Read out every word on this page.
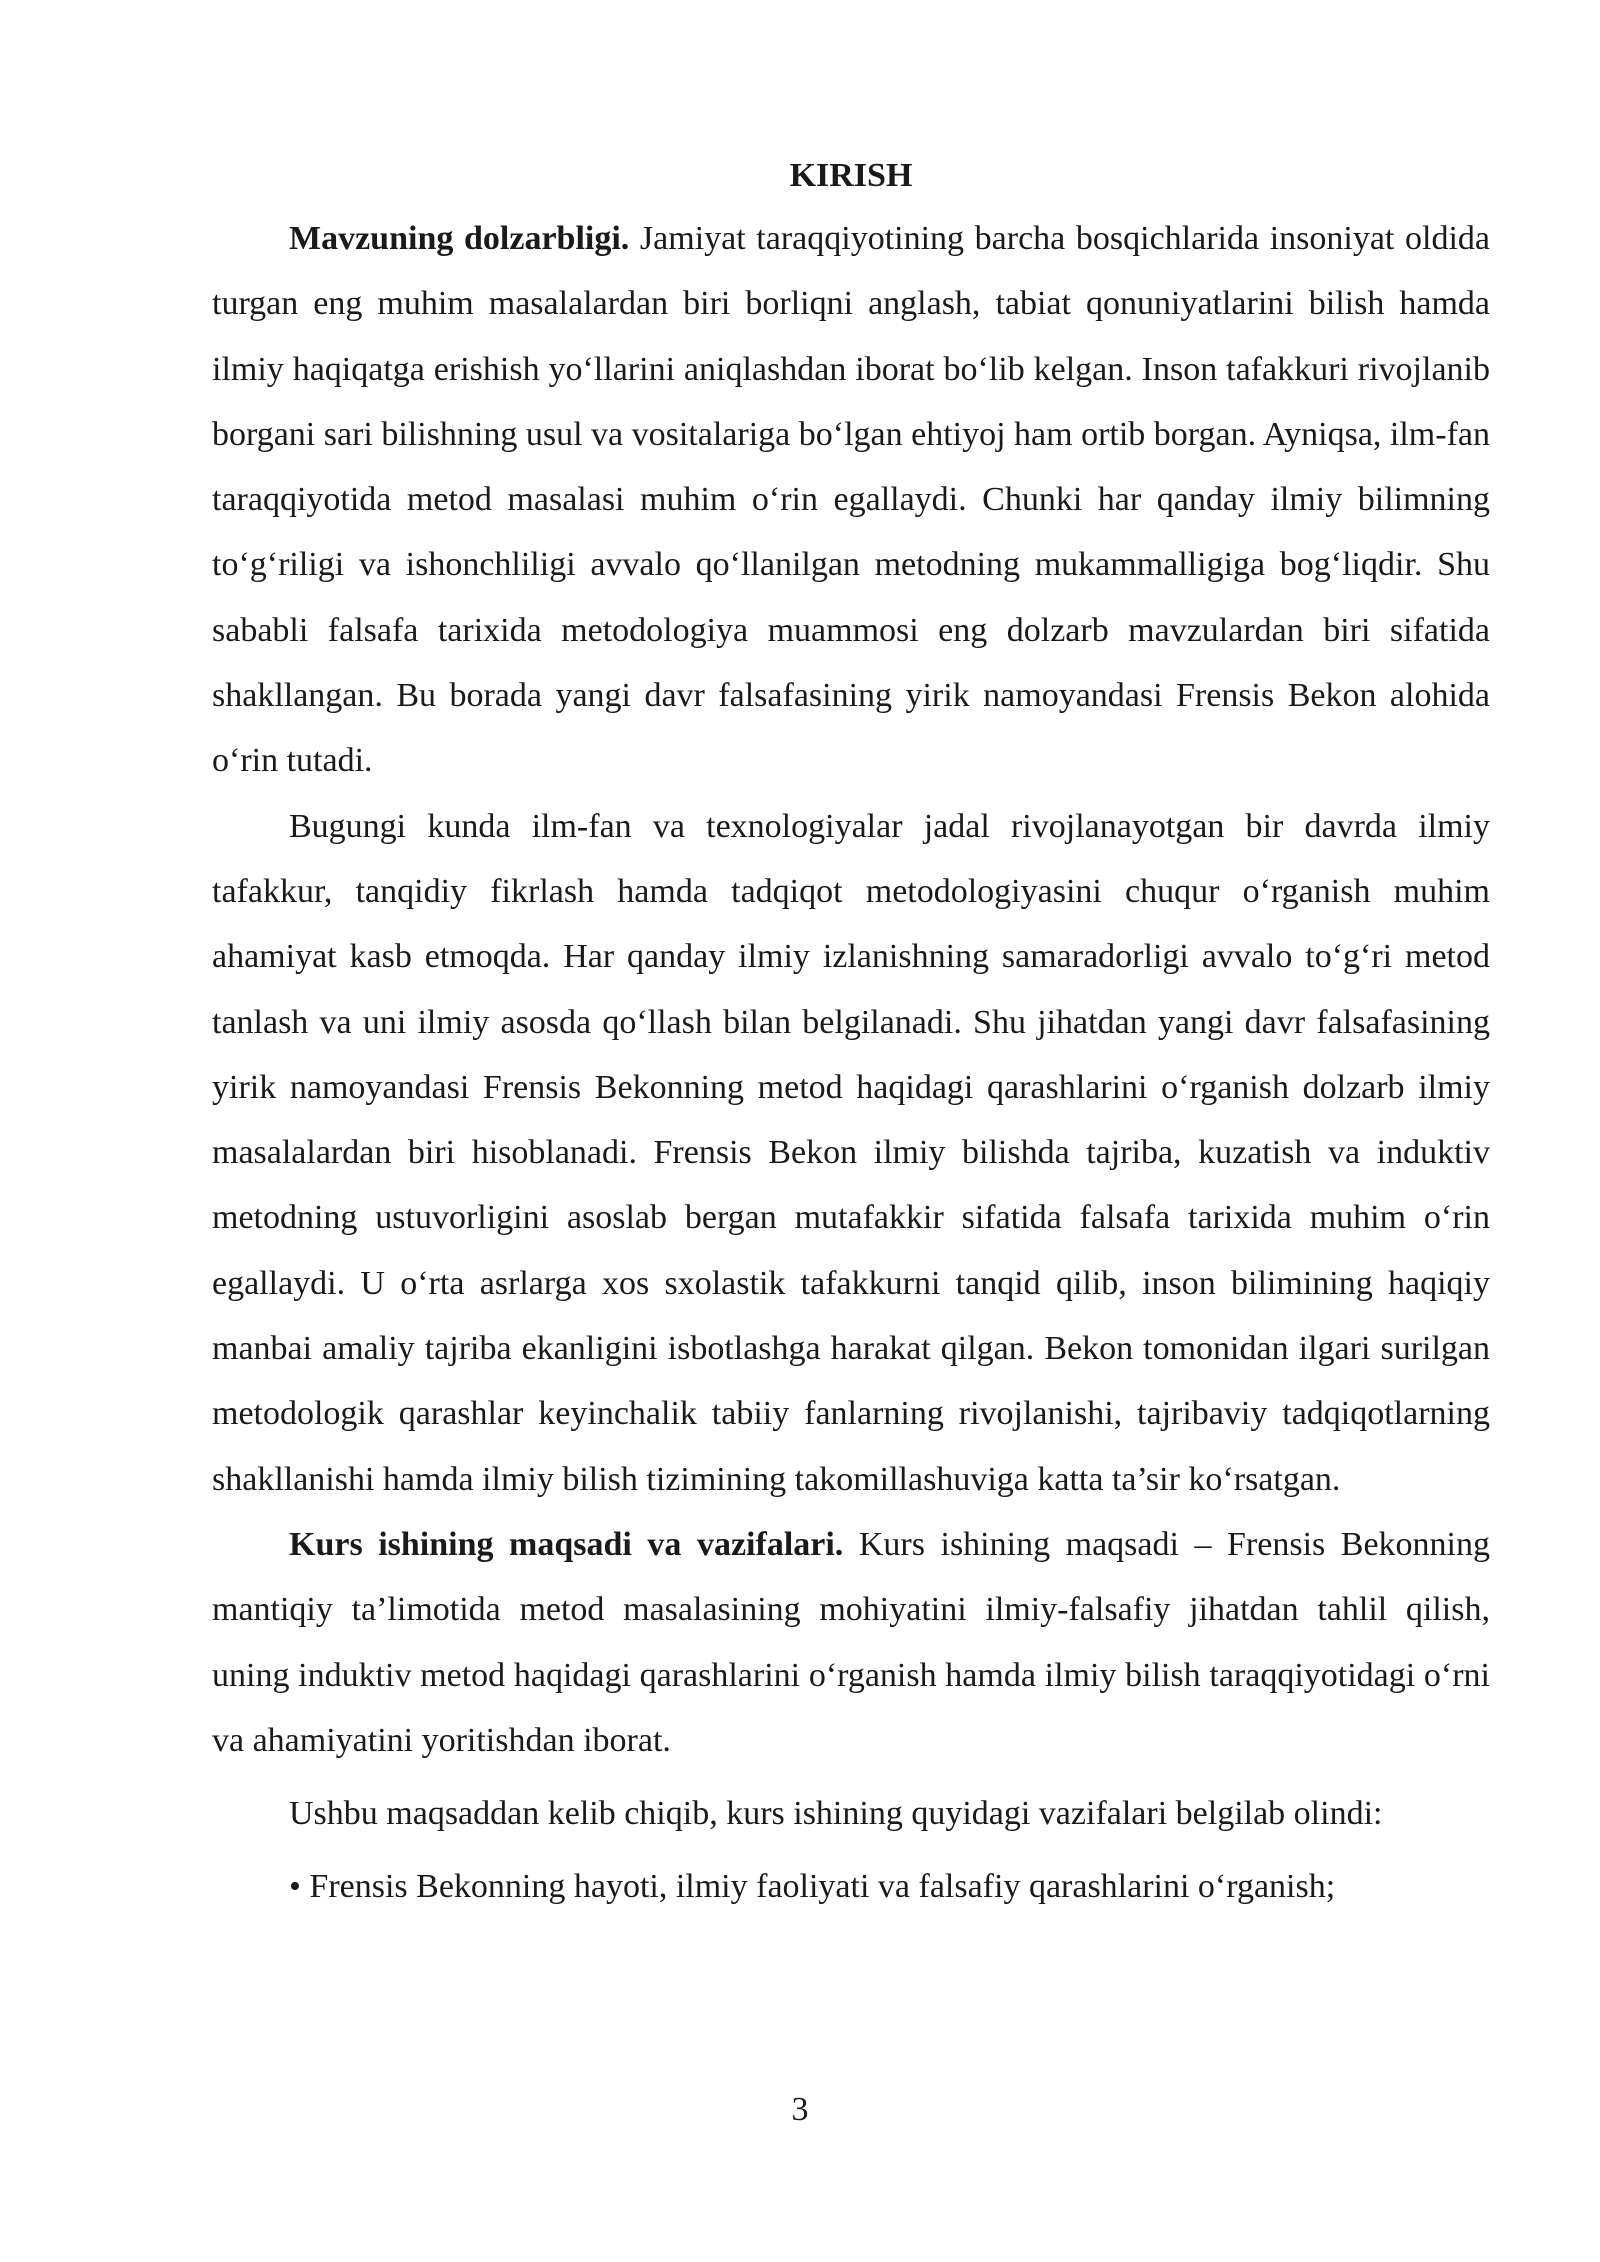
KIRISH

Mavzuning dolzarbligi. Jamiyat taraqqiyotining barcha bosqichlarida insoniyat oldida turgan eng muhim masalalardan biri borliqni anglash, tabiat qonuniyatlarini bilish hamda ilmiy haqiqatga erishish yo‘llarini aniqlashdan iborat bo‘lib kelgan. Inson tafakkuri rivojlanib borgani sari bilishning usul va vositalariga bo‘lgan ehtiyoj ham ortib borgan. Ayniqsa, ilm-fan taraqqiyotida metod masalasi muhim o‘rin egallaydi. Chunki har qanday ilmiy bilimning to‘g‘riligi va ishonchliligi avvalo qo‘llanilgan metodning mukammalligiga bog‘liqdir. Shu sababli falsafa tarixida metodologiya muammosi eng dolzarb mavzulardan biri sifatida shakllangan. Bu borada yangi davr falsafasining yirik namoyandasi Frensis Bekon alohida o‘rin tutadi.

Bugungi kunda ilm-fan va texnologiyalar jadal rivojlanayotgan bir davrda ilmiy tafakkur, tanqidiy fikrlash hamda tadqiqot metodologiyasini chuqur o‘rganish muhim ahamiyat kasb etmoqda. Har qanday ilmiy izlanishning samaradorligi avvalo to‘g‘ri metod tanlash va uni ilmiy asosda qo‘llash bilan belgilanadi. Shu jihatdan yangi davr falsafasining yirik namoyandasi Frensis Bekonning metod haqidagi qarashlarini o‘rganish dolzarb ilmiy masalalardan biri hisoblanadi. Frensis Bekon ilmiy bilishda tajriba, kuzatish va induktiv metodning ustuvorligini asoslab bergan mutafakkir sifatida falsafa tarixida muhim o‘rin egallaydi. U o‘rta asrlarga xos sxolastik tafakkurni tanqid qilib, inson bilimining haqiqiy manbai amaliy tajriba ekanligini isbotlashga harakat qilgan. Bekon tomonidan ilgari surilgan metodologik qarashlar keyinchalik tabiiy fanlarning rivojlanishi, tajribaviy tadqiqotlarning shakllanishi hamda ilmiy bilish tizimining takomillashuviga katta ta’sir ko‘rsatgan.

Kurs ishining maqsadi va vazifalari. Kurs ishining maqsadi – Frensis Bekonning mantiqiy ta’limotida metod masalasining mohiyatini ilmiy-falsafiy jihatdan tahlil qilish, uning induktiv metod haqidagi qarashlarini o‘rganish hamda ilmiy bilish taraqqiyotidagi o‘rni va ahamiyatini yoritishdan iborat.

Ushbu maqsaddan kelib chiqib, kurs ishining quyidagi vazifalari belgilab olindi:

• Frensis Bekonning hayoti, ilmiy faoliyati va falsafiy qarashlarini o‘rganish;

3
